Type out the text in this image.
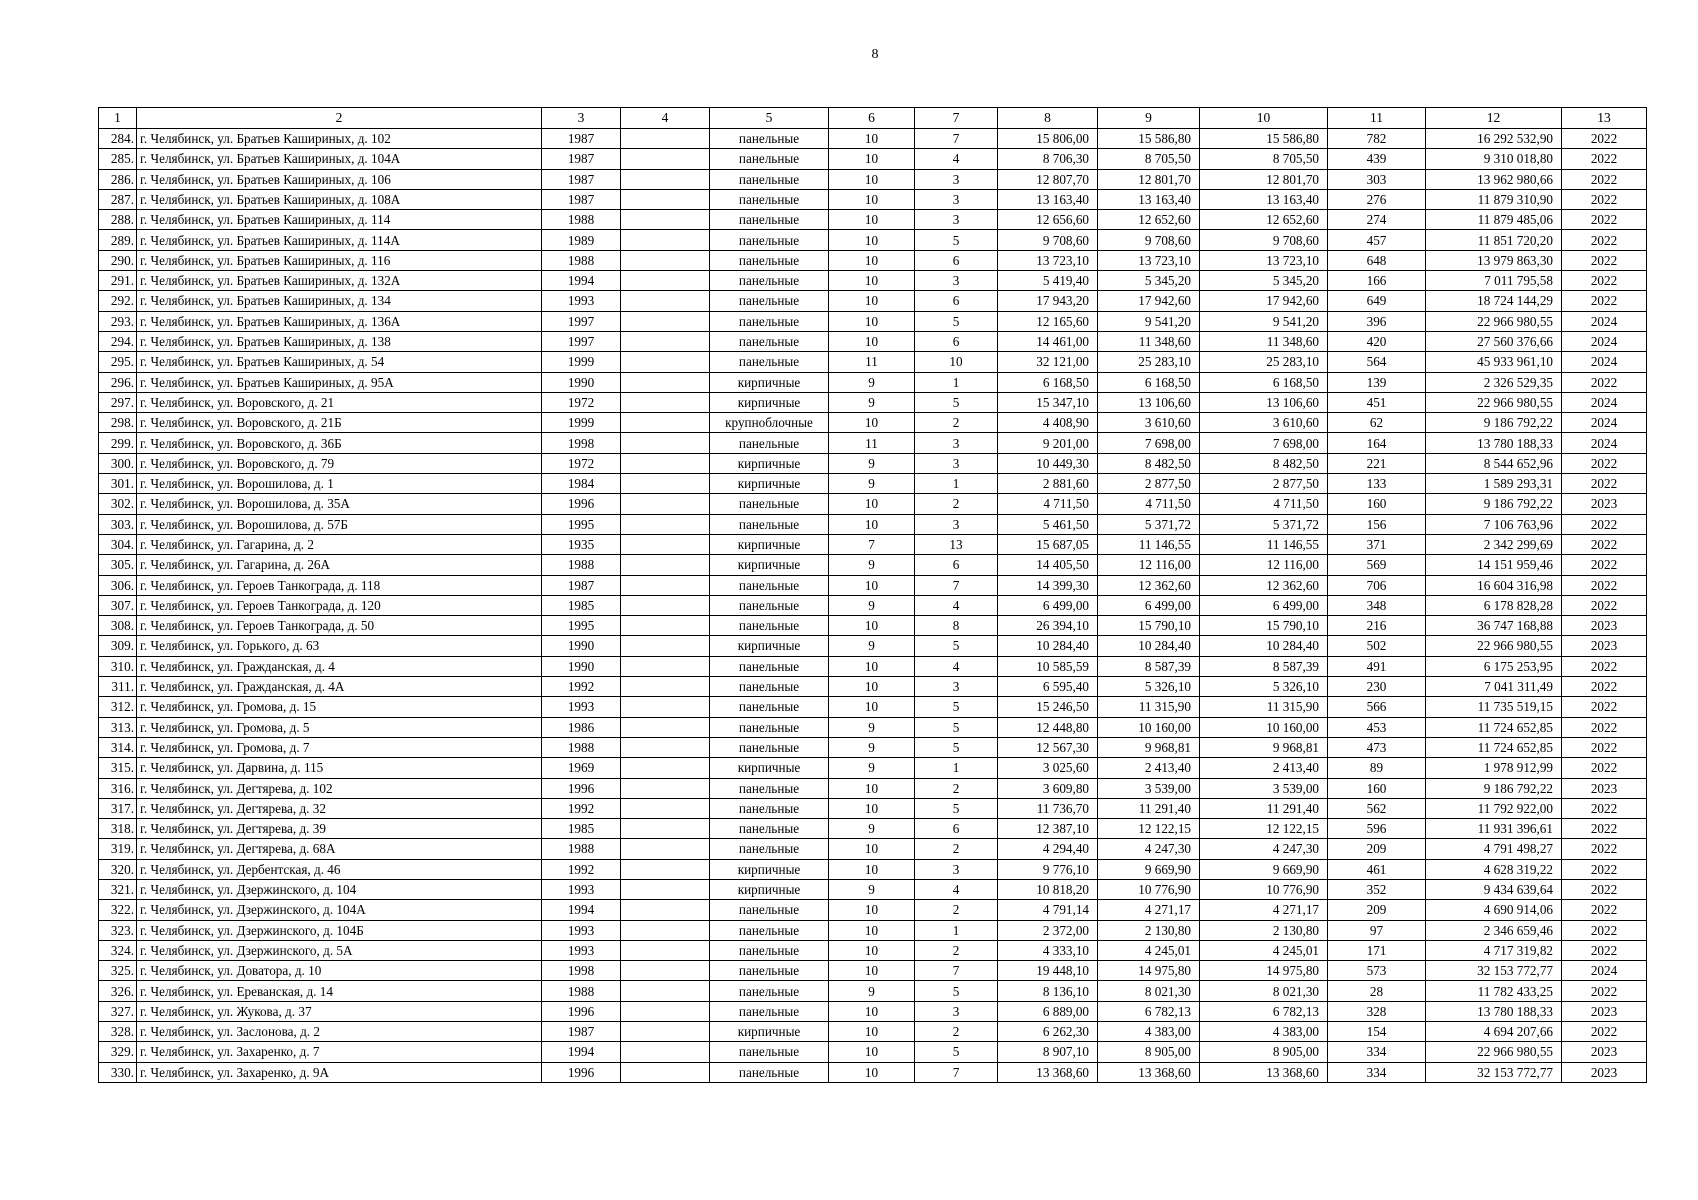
8
1	2	3	4	5	6	7	8	9	10	11	12	13
284.	г. Челябинск, ул. Братьев Кашириных, д. 102	1987		панельные	10	7	15 806,00	15 586,80	15 586,80	782	16 292 532,90	2022
285.	г. Челябинск, ул. Братьев Кашириных, д. 104А	1987		панельные	10	4	8 706,30	8 705,50	8 705,50	439	9 310 018,80	2022
286.	г. Челябинск, ул. Братьев Кашириных, д. 106	1987		панельные	10	3	12 807,70	12 801,70	12 801,70	303	13 962 980,66	2022
287.	г. Челябинск, ул. Братьев Кашириных, д. 108А	1987		панельные	10	3	13 163,40	13 163,40	13 163,40	276	11 879 310,90	2022
288.	г. Челябинск, ул. Братьев Кашириных, д. 114	1988		панельные	10	3	12 656,60	12 652,60	12 652,60	274	11 879 485,06	2022
289.	г. Челябинск, ул. Братьев Кашириных, д. 114А	1989		панельные	10	5	9 708,60	9 708,60	9 708,60	457	11 851 720,20	2022
290.	г. Челябинск, ул. Братьев Кашириных, д. 116	1988		панельные	10	6	13 723,10	13 723,10	13 723,10	648	13 979 863,30	2022
291.	г. Челябинск, ул. Братьев Кашириных, д. 132А	1994		панельные	10	3	5 419,40	5 345,20	5 345,20	166	7 011 795,58	2022
292.	г. Челябинск, ул. Братьев Кашириных, д. 134	1993		панельные	10	6	17 943,20	17 942,60	17 942,60	649	18 724 144,29	2022
293.	г. Челябинск, ул. Братьев Кашириных, д. 136А	1997		панельные	10	5	12 165,60	9 541,20	9 541,20	396	22 966 980,55	2024
294.	г. Челябинск, ул. Братьев Кашириных, д. 138	1997		панельные	10	6	14 461,00	11 348,60	11 348,60	420	27 560 376,66	2024
295.	г. Челябинск, ул. Братьев Кашириных, д. 54	1999		панельные	11	10	32 121,00	25 283,10	25 283,10	564	45 933 961,10	2024
296.	г. Челябинск, ул. Братьев Кашириных, д. 95А	1990		кирпичные	9	1	6 168,50	6 168,50	6 168,50	139	2 326 529,35	2022
297.	г. Челябинск, ул. Воровского, д. 21	1972		кирпичные	9	5	15 347,10	13 106,60	13 106,60	451	22 966 980,55	2024
298.	г. Челябинск, ул. Воровского, д. 21Б	1999		крупноблочные	10	2	4 408,90	3 610,60	3 610,60	62	9 186 792,22	2024
299.	г. Челябинск, ул. Воровского, д. 36Б	1998		панельные	11	3	9 201,00	7 698,00	7 698,00	164	13 780 188,33	2024
300.	г. Челябинск, ул. Воровского, д. 79	1972		кирпичные	9	3	10 449,30	8 482,50	8 482,50	221	8 544 652,96	2022
301.	г. Челябинск, ул. Ворошилова, д. 1	1984		кирпичные	9	1	2 881,60	2 877,50	2 877,50	133	1 589 293,31	2022
302.	г. Челябинск, ул. Ворошилова, д. 35А	1996		панельные	10	2	4 711,50	4 711,50	4 711,50	160	9 186 792,22	2023
303.	г. Челябинск, ул. Ворошилова, д. 57Б	1995		панельные	10	3	5 461,50	5 371,72	5 371,72	156	7 106 763,96	2022
304.	г. Челябинск, ул. Гагарина, д. 2	1935		кирпичные	7	13	15 687,05	11 146,55	11 146,55	371	2 342 299,69	2022
305.	г. Челябинск, ул. Гагарина, д. 26А	1988		кирпичные	9	6	14 405,50	12 116,00	12 116,00	569	14 151 959,46	2022
306.	г. Челябинск, ул. Героев Танкограда, д. 118	1987		панельные	10	7	14 399,30	12 362,60	12 362,60	706	16 604 316,98	2022
307.	г. Челябинск, ул. Героев Танкограда, д. 120	1985		панельные	9	4	6 499,00	6 499,00	6 499,00	348	6 178 828,28	2022
308.	г. Челябинск, ул. Героев Танкограда, д. 50	1995		панельные	10	8	26 394,10	15 790,10	15 790,10	216	36 747 168,88	2023
309.	г. Челябинск, ул. Горького, д. 63	1990		кирпичные	9	5	10 284,40	10 284,40	10 284,40	502	22 966 980,55	2023
310.	г. Челябинск, ул. Гражданская, д. 4	1990		панельные	10	4	10 585,59	8 587,39	8 587,39	491	6 175 253,95	2022
311.	г. Челябинск, ул. Гражданская, д. 4А	1992		панельные	10	3	6 595,40	5 326,10	5 326,10	230	7 041 311,49	2022
312.	г. Челябинск, ул. Громова, д. 15	1993		панельные	10	5	15 246,50	11 315,90	11 315,90	566	11 735 519,15	2022
313.	г. Челябинск, ул. Громова, д. 5	1986		панельные	9	5	12 448,80	10 160,00	10 160,00	453	11 724 652,85	2022
314.	г. Челябинск, ул. Громова, д. 7	1988		панельные	9	5	12 567,30	9 968,81	9 968,81	473	11 724 652,85	2022
315.	г. Челябинск, ул. Дарвина, д. 115	1969		кирпичные	9	1	3 025,60	2 413,40	2 413,40	89	1 978 912,99	2022
316.	г. Челябинск, ул. Дегтярева, д. 102	1996		панельные	10	2	3 609,80	3 539,00	3 539,00	160	9 186 792,22	2023
317.	г. Челябинск, ул. Дегтярева, д. 32	1992		панельные	10	5	11 736,70	11 291,40	11 291,40	562	11 792 922,00	2022
318.	г. Челябинск, ул. Дегтярева, д. 39	1985		панельные	9	6	12 387,10	12 122,15	12 122,15	596	11 931 396,61	2022
319.	г. Челябинск, ул. Дегтярева, д. 68А	1988		панельные	10	2	4 294,40	4 247,30	4 247,30	209	4 791 498,27	2022
320.	г. Челябинск, ул. Дербентская, д. 46	1992		кирпичные	10	3	9 776,10	9 669,90	9 669,90	461	4 628 319,22	2022
321.	г. Челябинск, ул. Дзержинского, д. 104	1993		кирпичные	9	4	10 818,20	10 776,90	10 776,90	352	9 434 639,64	2022
322.	г. Челябинск, ул. Дзержинского, д. 104А	1994		панельные	10	2	4 791,14	4 271,17	4 271,17	209	4 690 914,06	2022
323.	г. Челябинск, ул. Дзержинского, д. 104Б	1993		панельные	10	1	2 372,00	2 130,80	2 130,80	97	2 346 659,46	2022
324.	г. Челябинск, ул. Дзержинского, д. 5А	1993		панельные	10	2	4 333,10	4 245,01	4 245,01	171	4 717 319,82	2022
325.	г. Челябинск, ул. Доватора, д. 10	1998		панельные	10	7	19 448,10	14 975,80	14 975,80	573	32 153 772,77	2024
326.	г. Челябинск, ул. Ереванская, д. 14	1988		панельные	9	5	8 136,10	8 021,30	8 021,30	28	11 782 433,25	2022
327.	г. Челябинск, ул. Жукова, д. 37	1996		панельные	10	3	6 889,00	6 782,13	6 782,13	328	13 780 188,33	2023
328.	г. Челябинск, ул. Заслонова, д. 2	1987		кирпичные	10	2	6 262,30	4 383,00	4 383,00	154	4 694 207,66	2022
329.	г. Челябинск, ул. Захаренко, д. 7	1994		панельные	10	5	8 907,10	8 905,00	8 905,00	334	22 966 980,55	2023
330.	г. Челябинск, ул. Захаренко, д. 9А	1996		панельные	10	7	13 368,60	13 368,60	13 368,60	334	32 153 772,77	2023
